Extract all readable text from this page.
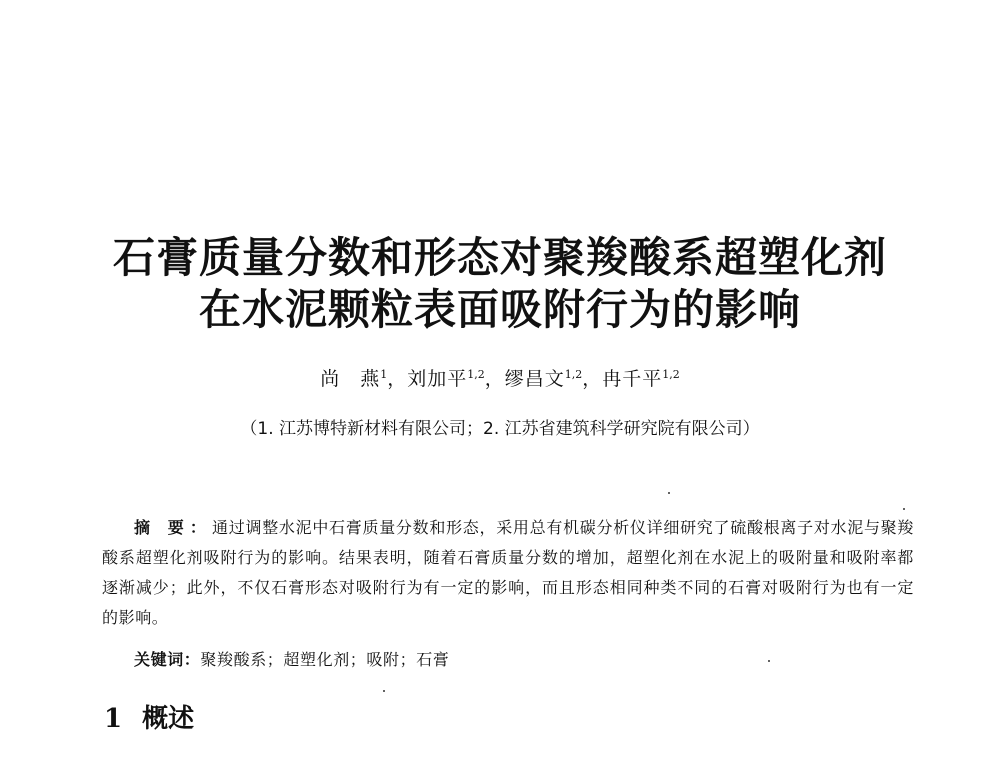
石膏质量分数和形态对聚羧酸系超塑化剂
在水泥颗粒表面吸附行为的影响
尚　燕$^1$，刘加平$^{1,2}$，缪昌文$^{1,2}$，冉千平$^{1,2}$
（1. 江苏博特新材料有限公司；2. 江苏省建筑科学研究院有限公司）
摘 要：通过调整水泥中石膏质量分数和形态，采用总有机碳分析仪详细研究了硫酸根离子对水泥与聚羧酸系超塑化剂吸附行为的影响。结果表明，随着石膏质量分数的增加，超塑化剂在水泥上的吸附量和吸附率都逐渐减少；此外，不仅石膏形态对吸附行为有一定的影响，而且形态相同种类不同的石膏对吸附行为也有一定的影响。
关键词：聚羧酸系；超塑化剂；吸附；石膏
1 概述
